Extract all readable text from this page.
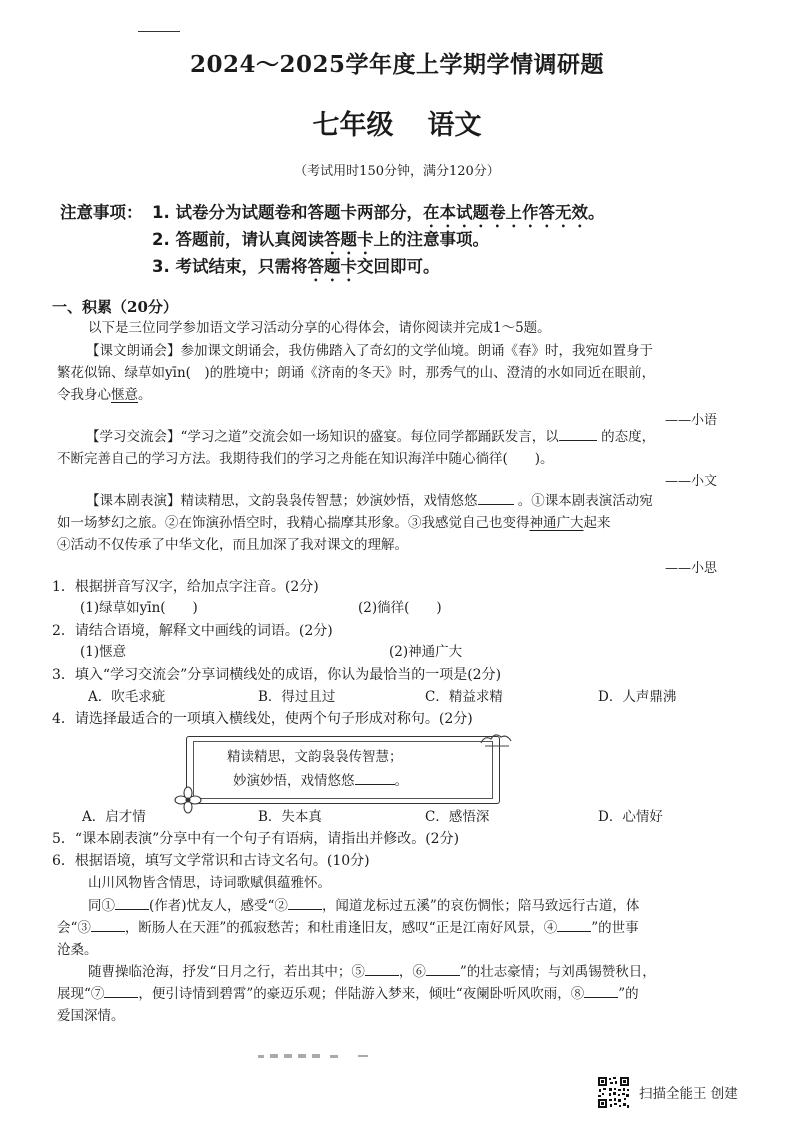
2024～2025学年度上学期学情调研题
七年级 语文
（考试用时150分钟，满分120分）
注意事项： 1. 试卷分为试题卷和答题卡两部分，在本试题卷上作答无效。
2. 答题前，请认真阅读答题卡上的注意事项。
3. 考试结束，只需将答题卡交回即可。
一、积累（20分）
以下是三位同学参加语文学习活动分享的心得体会，请你阅读并完成1～5题。
【课文朗诵会】参加课文朗诵会，我仿佛踏入了奇幻的文学仙境。朗诵《春》时，我宛如置身于
繁花似锦、绿草如yīn(　 )的胜境中；朗诵《济南的冬天》时，那秀气的山、澄清的水如同近在眼前，
令我身心惬意。
——小语
【学习交流会】“学习之道”交流会如一场知识的盛宴。每位同学都踊跃发言，以	的态度，
不断完善自己的学习方法。我期待我们的学习之舟能在知识海洋中随心徜徉(　　)。
——小文
【课本剧表演】精读精思，文韵袅袅传智慧；妙演妙悟，戏情悠悠	。①课本剧表演活动宛
如一场梦幻之旅。②在饰演孙悟空时，我精心揣摩其形象。③我感觉自己也变得神通广大起来
④活动不仅传承了中华文化，而且加深了我对课文的理解。
——小思
1．根据拼音写汉字，给加点字注音。(2分)
(1)绿草如yīn(　　)	(2)徜徉(　　)
2．请结合语境，解释文中画线的词语。(2分)
(1)惬意	(2)神通广大
3．填入“学习交流会”分享词横线处的成语，你认为最恰当的一项是(2分)
A．吹毛求疵	B．得过且过	C．精益求精	D．人声鼎沸
4．请选择最适合的一项填入横线处，使两个句子形成对称句。(2分)
精读精思，文韵袅袅传智慧；
妙演妙悟，戏情悠悠	。
A．启才情	B．失本真	C．感悟深	D．心情好
5．“课本剧表演”分享中有一个句子有语病，请指出并修改。(2分)
6．根据语境，填写文学常识和古诗文名句。(10分)
山川风物皆含情思，诗词歌赋俱蕴雅怀。
同①	(作者)忧友人，感受“②	，闻道龙标过五溪”的哀伤惆怅；陪马致远行古道，体
会“③	，断肠人在天涯”的孤寂愁苦；和杜甫逢旧友，感叹“正是江南好风景，④	”的世事
沧桑。
随曹操临沧海，抒发“日月之行，若出其中；⑤	，⑥	”的壮志豪情；与刘禹锡赞秋日，
展现“⑦	，便引诗情到碧霄”的豪迈乐观；伴陆游入梦来，倾吐“夜阑卧听风吹雨，⑧	”的
爱国深情。
扫描全能王 创建
